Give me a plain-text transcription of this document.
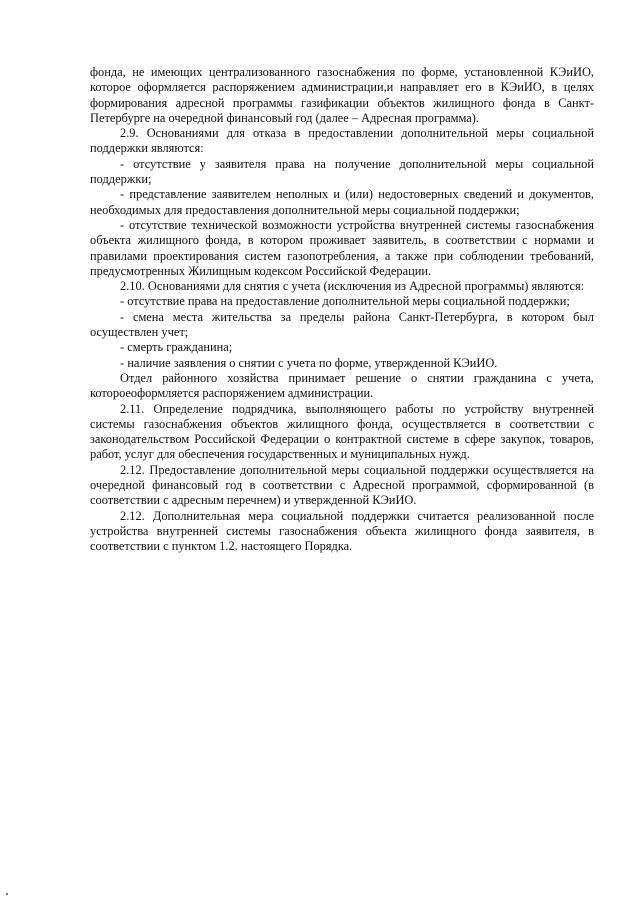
фонда, не имеющих централизованного газоснабжения по форме, установленной КЭиИО, которое оформляется распоряжением администрации,и направляет его в КЭиИО, в целях формирования адресной программы газификации объектов жилищного фонда в Санкт-Петербурге на очередной финансовый год (далее – Адресная программа).

2.9. Основаниями для отказа в предоставлении дополнительной меры социальной поддержки являются:

- отсутствие у заявителя права на получение дополнительной меры социальной поддержки;

- представление заявителем неполных и (или) недостоверных сведений и документов, необходимых для предоставления дополнительной меры социальной поддержки;

- отсутствие технической возможности устройства внутренней системы газоснабжения объекта жилищного фонда, в котором проживает заявитель, в соответствии с нормами и правилами проектирования систем газопотребления, а также при соблюдении требований, предусмотренных Жилищным кодексом Российской Федерации.

2.10. Основаниями для снятия с учета (исключения из Адресной программы) являются:

- отсутствие права на предоставление дополнительной меры социальной поддержки;

- смена места жительства за пределы района Санкт-Петербурга, в котором был осуществлен учет;

- смерть гражданина;

- наличие заявления о снятии с учета по форме, утвержденной КЭиИО.

Отдел районного хозяйства принимает решение о снятии гражданина с учета, котороеоформляется распоряжением администрации.

2.11. Определение подрядчика, выполняющего работы по устройству внутренней системы газоснабжения объектов жилищного фонда, осуществляется в соответствии с законодательством Российской Федерации о контрактной системе в сфере закупок, товаров, работ, услуг для обеспечения государственных и муниципальных нужд.

2.12. Предоставление дополнительной меры социальной поддержки осуществляется на очередной финансовый год в соответствии с Адресной программой, сформированной (в соответствии с адресным перечнем) и утвержденной КЭиИО.

2.12. Дополнительная мера социальной поддержки считается реализованной после устройства внутренней системы газоснабжения объекта жилищного фонда заявителя, в соответствии с пунктом 1.2. настоящего Порядка.
